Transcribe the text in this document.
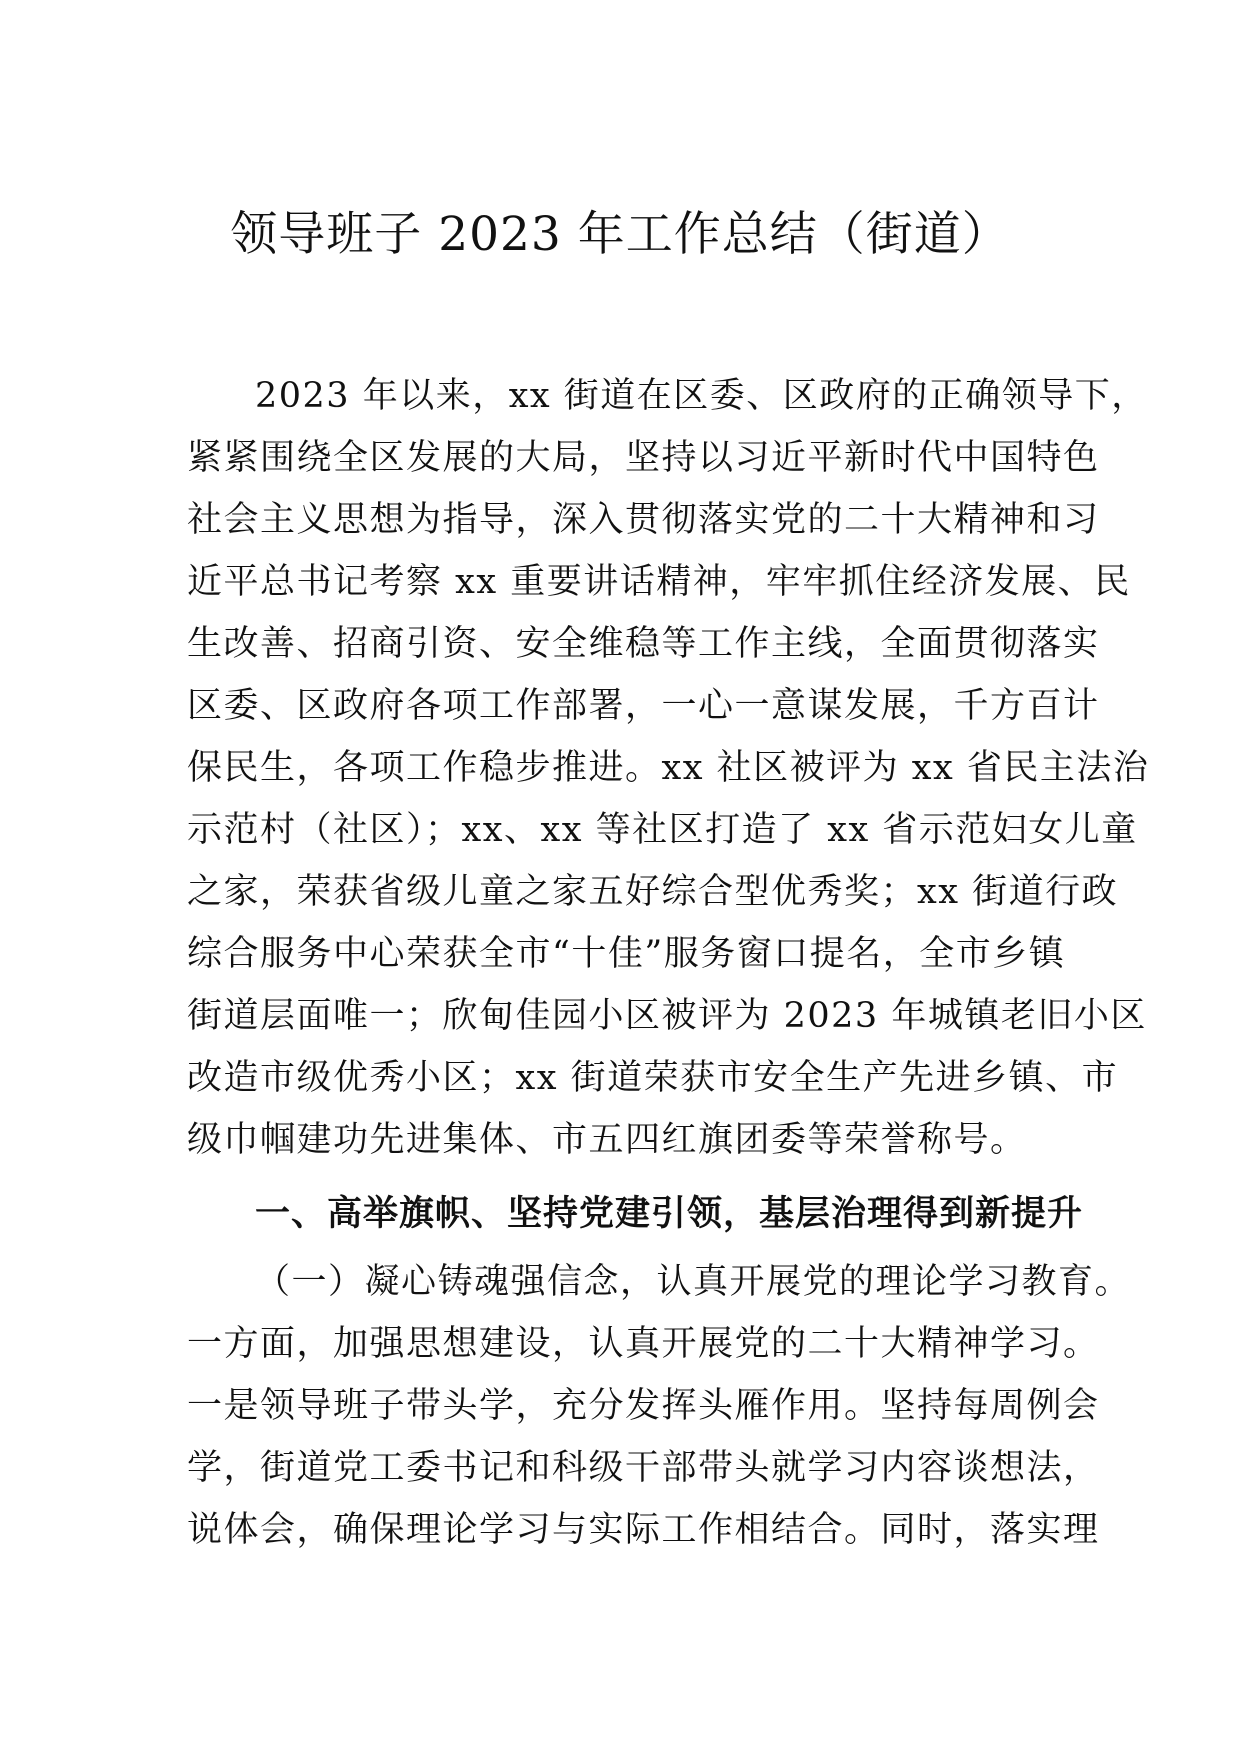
领导班子 2023 年工作总结（街道）
2023 年以来，xx 街道在区委、区政府的正确领导下，
紧紧围绕全区发展的大局，坚持以习近平新时代中国特色
社会主义思想为指导，深入贯彻落实党的二十大精神和习
近平总书记考察 xx 重要讲话精神，牢牢抓住经济发展、民
生改善、招商引资、安全维稳等工作主线，全面贯彻落实
区委、区政府各项工作部署，一心一意谋发展，千方百计
保民生，各项工作稳步推进。xx 社区被评为 xx 省民主法治
示范村（社区）；xx、xx 等社区打造了 xx 省示范妇女儿童
之家，荣获省级儿童之家五好综合型优秀奖；xx 街道行政
综合服务中心荣获全市“十佳”服务窗口提名，全市乡镇
街道层面唯一；欣甸佳园小区被评为 2023 年城镇老旧小区
改造市级优秀小区；xx 街道荣获市安全生产先进乡镇、市
级巾帼建功先进集体、市五四红旗团委等荣誉称号。
一、高举旗帜、坚持党建引领，基层治理得到新提升
（一）凝心铸魂强信念，认真开展党的理论学习教育。
一方面，加强思想建设，认真开展党的二十大精神学习。
一是领导班子带头学，充分发挥头雁作用。坚持每周例会
学，街道党工委书记和科级干部带头就学习内容谈想法，
说体会，确保理论学习与实际工作相结合。同时，落实理
